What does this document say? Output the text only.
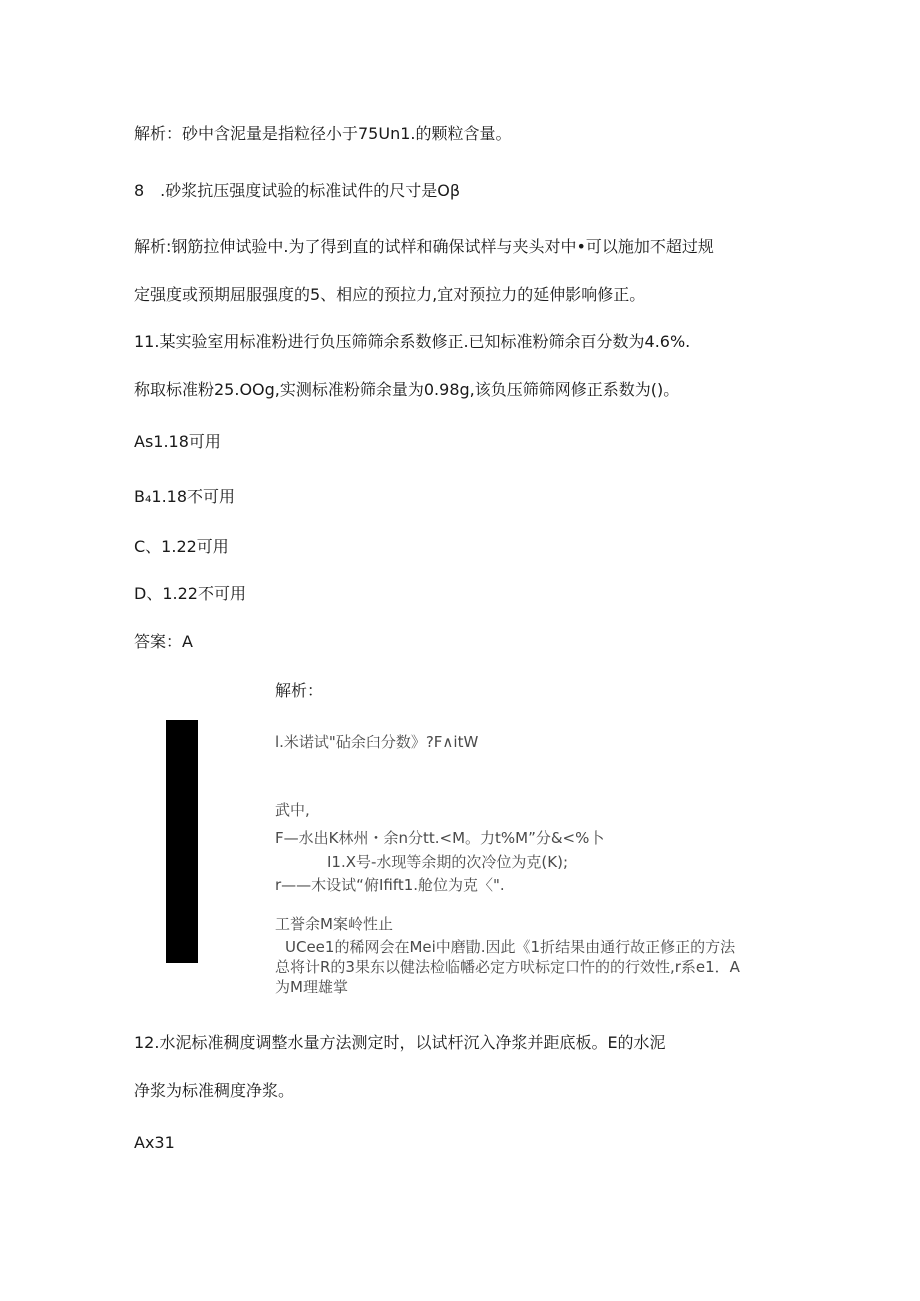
解析：砂中含泥量是指粒径小于75Un1.的颗粒含量。
8　.砂浆抗压强度试验的标准试件的尺寸是Oβ
解析:钢筋拉伸试验中.为了得到直的试样和确保试样与夹头对中•可以施加不超过规
定强度或预期屈服强度的5、相应的预拉力,宜对预拉力的延伸影响修正。
11.某实验室用标准粉进行负压筛筛余系数修正.已知标准粉筛余百分数为4.6%.
称取标准粉25.OOg,实测标准粉筛余量为0.98g,该负压筛筛网修正系数为()。
As1.18可用
B₄1.18不可用
C、1.22可用
D、1.22不可用
答案：A
解析：
l.米诺试"砧余臼分数》?F∧itW
武中,
F—水出K林州・余n分tt.<M。力t%M”分&<%卜
I1.X号-水现等余期的次冷位为克(K);
r——木设试“俯Ifift1.舱位为克〈".
工誉余M案岭性止
UCee1的稀网会在Mei中磨勖.因此《1折结果由通行故正修正的方法
总将计R的3果东以健法检临幡必定方吠标定口忤的的行效性,r系e1．A
为M理雄掌
12.水泥标准稠度调整水量方法测定时，以试杆沉入净浆并距底板。E的水泥
净浆为标准稠度净浆。
Ax31
